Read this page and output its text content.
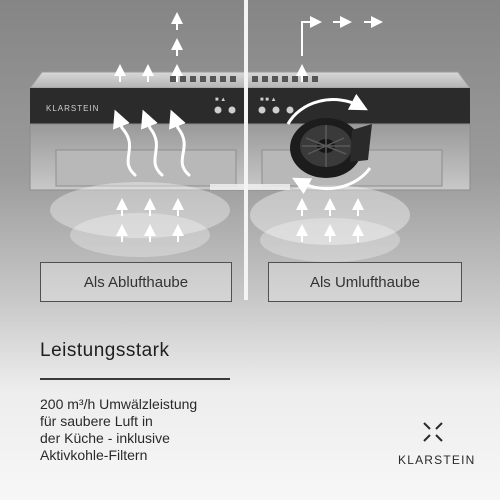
■ ▲	■ ■ ▲
KLARSTEIN
Als Ablufthaube	Als Umlufthaube
Leistungsstark
200 m³/h Umwälzleistung
für saubere Luft in
der Küche - inklusive
Aktivkohle-Filtern	KLARSTEIN
